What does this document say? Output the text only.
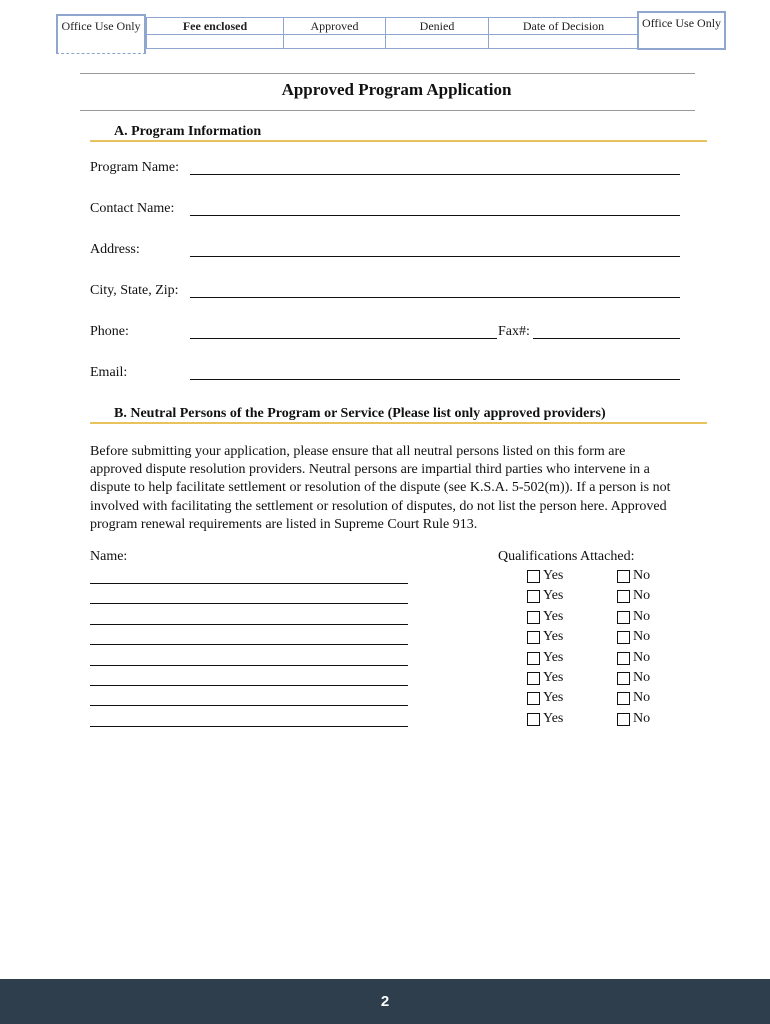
Office Use Only	Fee enclosed	Approved	Denied	Date of Decision
				Office Use Only
Approved Program Application
A. Program Information
Program Name:
Contact Name:
Address:
City, State, Zip:
Phone:	Fax#:
Email:
B. Neutral Persons of the Program or Service (Please list only approved providers)
Before submitting your application, please ensure that all neutral persons listed on this form are approved dispute resolution providers. Neutral persons are impartial third parties who intervene in a dispute to help facilitate settlement or resolution of the dispute (see K.S.A. 5-502(m)). If a person is not involved with facilitating the settlement or resolution of disputes, do not list the person here. Approved program renewal requirements are listed in Supreme Court Rule 913.
Name:	Qualifications Attached:
Yes	No
Yes	No
Yes	No
Yes	No
Yes	No
Yes	No
Yes	No
Yes	No
2
